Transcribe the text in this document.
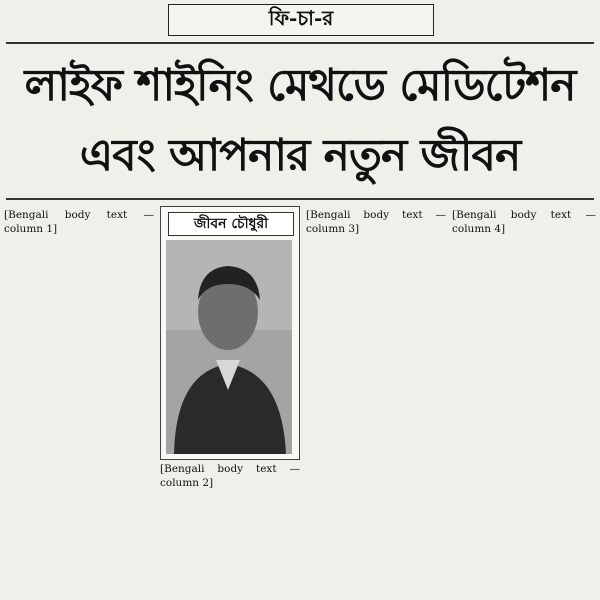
ফি-চা-র
লাইফ শাইনিং মেথডে মেডিটেশন
এবং আপনার নতুন জীবন

[Bengali body text — column 1]	জীবন চৌধুরী

[Bengali body text — column 2]

[Bengali body text — column 3]

[Bengali body text — column 4]
